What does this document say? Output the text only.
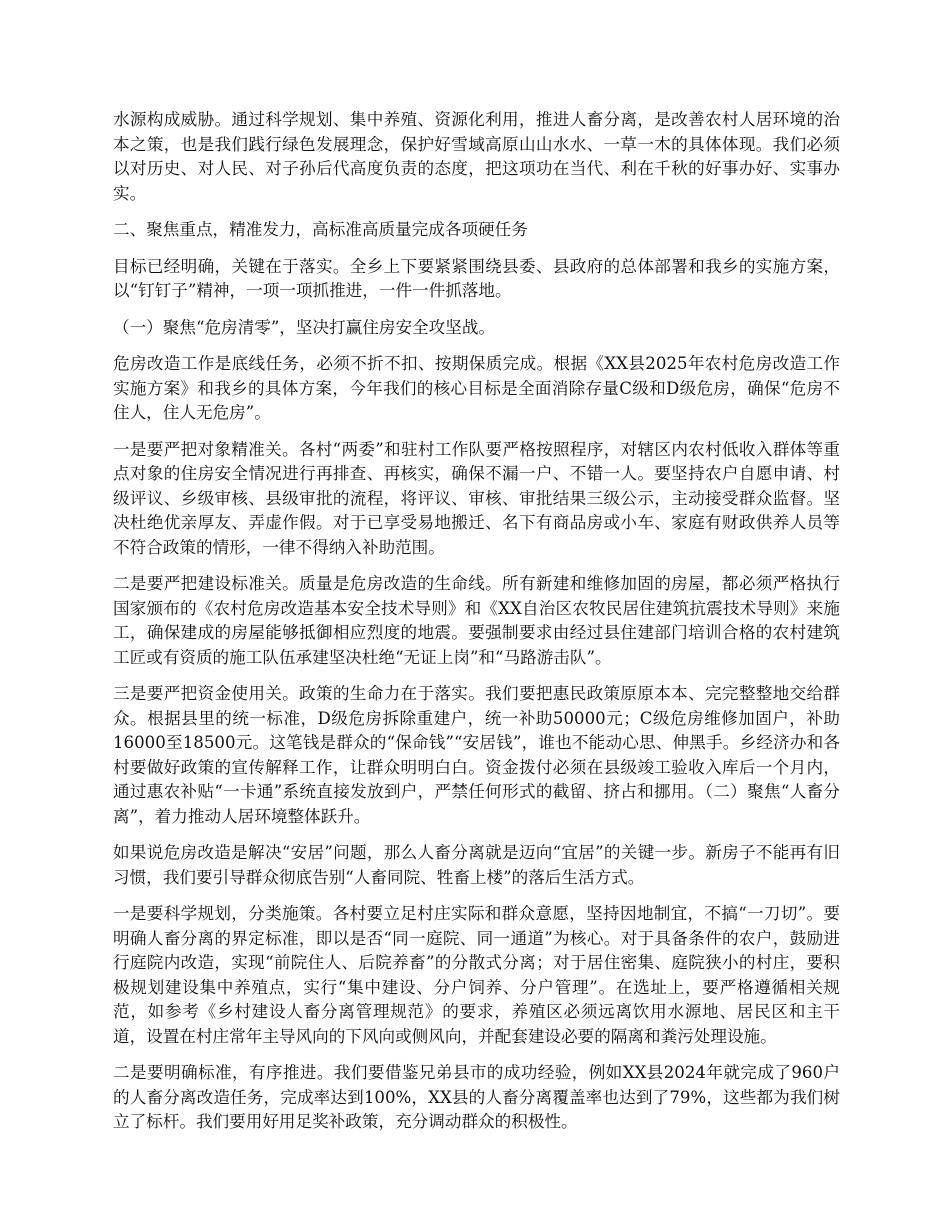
水源构成威胁。通过科学规划、集中养殖、资源化利用，推进人畜分离，是改善农村人居环境的治本之策，也是我们践行绿色发展理念，保护好雪域高原山山水水、一草一木的具体体现。我们必须以对历史、对人民、对子孙后代高度负责的态度，把这项功在当代、利在千秋的好事办好、实事办实。

二、聚焦重点，精准发力，高标准高质量完成各项硬任务

目标已经明确，关键在于落实。全乡上下要紧紧围绕县委、县政府的总体部署和我乡的实施方案，以“钉钉子”精神，一项一项抓推进，一件一件抓落地。

（一）聚焦“危房清零”，坚决打赢住房安全攻坚战。

危房改造工作是底线任务，必须不折不扣、按期保质完成。根据《XX县2025年农村危房改造工作实施方案》和我乡的具体方案，今年我们的核心目标是全面消除存量C级和D级危房，确保“危房不住人，住人无危房”。

一是要严把对象精准关。各村“两委”和驻村工作队要严格按照程序，对辖区内农村低收入群体等重点对象的住房安全情况进行再排查、再核实，确保不漏一户、不错一人。要坚持农户自愿申请、村级评议、乡级审核、县级审批的流程，将评议、审核、审批结果三级公示，主动接受群众监督。坚决杜绝优亲厚友、弄虚作假。对于已享受易地搬迁、名下有商品房或小车、家庭有财政供养人员等不符合政策的情形，一律不得纳入补助范围。

二是要严把建设标准关。质量是危房改造的生命线。所有新建和维修加固的房屋，都必须严格执行国家颁布的《农村危房改造基本安全技术导则》和《XX自治区农牧民居住建筑抗震技术导则》来施工，确保建成的房屋能够抵御相应烈度的地震。要强制要求由经过县住建部门培训合格的农村建筑工匠或有资质的施工队伍承建坚决杜绝“无证上岗”和“马路游击队”。

三是要严把资金使用关。政策的生命力在于落实。我们要把惠民政策原原本本、完完整整地交给群众。根据县里的统一标准，D级危房拆除重建户，统一补助50000元；C级危房维修加固户，补助16000至18500元。这笔钱是群众的“保命钱”“安居钱”，谁也不能动心思、伸黑手。乡经济办和各村要做好政策的宣传解释工作，让群众明明白白。资金拨付必须在县级竣工验收入库后一个月内，通过惠农补贴“一卡通”系统直接发放到户，严禁任何形式的截留、挤占和挪用。（二）聚焦“人畜分离”，着力推动人居环境整体跃升。

如果说危房改造是解决“安居”问题，那么人畜分离就是迈向“宜居”的关键一步。新房子不能再有旧习惯，我们要引导群众彻底告别“人畜同院、牲畜上楼”的落后生活方式。

一是要科学规划，分类施策。各村要立足村庄实际和群众意愿，坚持因地制宜，不搞“一刀切”。要明确人畜分离的界定标准，即以是否“同一庭院、同一通道”为核心。对于具备条件的农户，鼓励进行庭院内改造，实现“前院住人、后院养畜”的分散式分离；对于居住密集、庭院狭小的村庄，要积极规划建设集中养殖点，实行“集中建设、分户饲养、分户管理”。在选址上，要严格遵循相关规范，如参考《乡村建设人畜分离管理规范》的要求，养殖区必须远离饮用水源地、居民区和主干道，设置在村庄常年主导风向的下风向或侧风向，并配套建设必要的隔离和粪污处理设施。

二是要明确标准，有序推进。我们要借鉴兄弟县市的成功经验，例如XX县2024年就完成了960户的人畜分离改造任务，完成率达到100%，XX县的人畜分离覆盖率也达到了79%，这些都为我们树立了标杆。我们要用好用足奖补政策，充分调动群众的积极性。
